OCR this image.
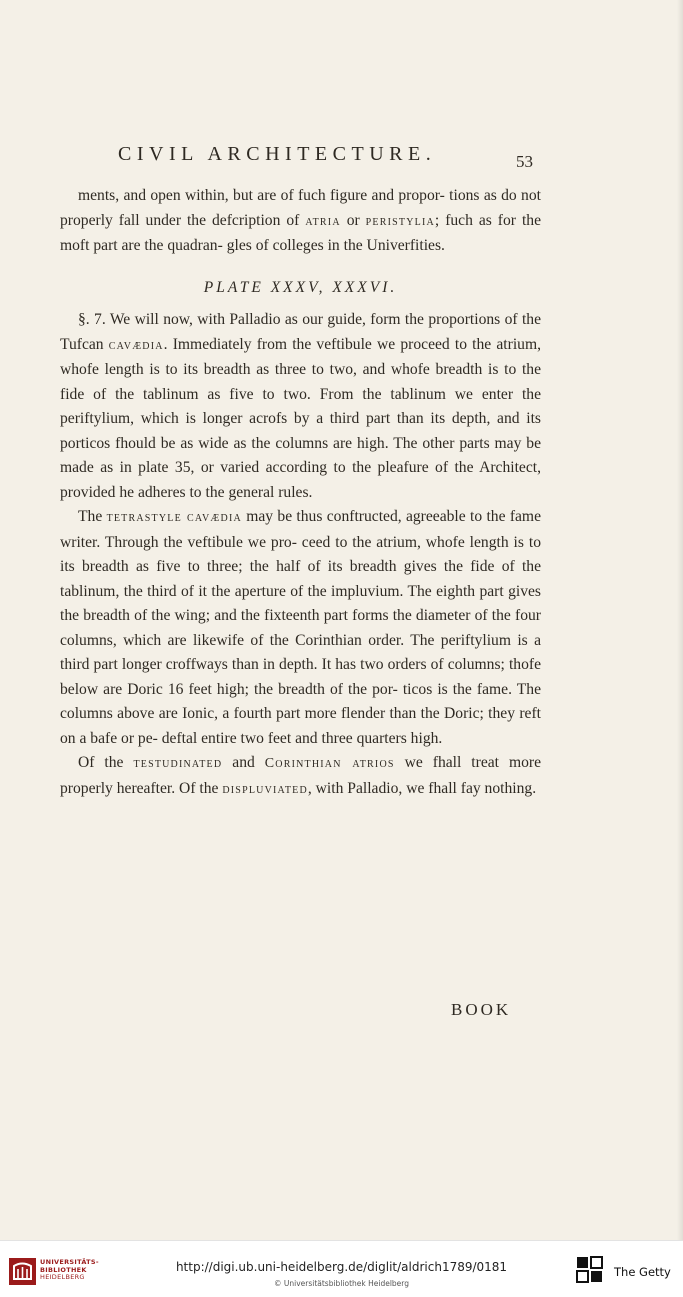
CIVIL ARCHITECTURE.	53

ments, and open within, but are of fuch figure and propor- tions as do not properly fall under the defcription of atria or peristylia; fuch as for the moft part are the quadran- gles of colleges in the Univerfities.

PLATE XXXV, XXXVI.

§. 7. We will now, with Palladio as our guide, form the proportions of the Tufcan cavædia. Immediately from the veftibule we proceed to the atrium, whofe length is to its breadth as three to two, and whofe breadth is to the fide of the tablinum as five to two. From the tablinum we enter the periftylium, which is longer acrofs by a third part than its depth, and its porticos fhould be as wide as the columns are high. The other parts may be made as in plate 35, or varied according to the pleafure of the Architect, provided he adheres to the general rules.

The tetrastyle cavædia may be thus conftructed, agreeable to the fame writer. Through the veftibule we pro- ceed to the atrium, whofe length is to its breadth as five to three; the half of its breadth gives the fide of the tablinum, the third of it the aperture of the impluvium. The eighth part gives the breadth of the wing; and the fixteenth part forms the diameter of the four columns, which are likewife of the Corinthian order. The periftylium is a third part longer croffways than in depth. It has two orders of columns; thofe below are Doric 16 feet high; the breadth of the por- ticos is the fame. The columns above are Ionic, a fourth part more flender than the Doric; they reft on a bafe or pe- deftal entire two feet and three quarters high.

Of the testudinated and Corinthian atrios we fhall treat more properly hereafter. Of the displuviated, with Palladio, we fhall fay nothing.

BOOK
UNIVERSITÄTS-
BIBLIOTHEK
HEIDELBERG
http://digi.ub.uni-heidelberg.de/diglit/aldrich1789/0181
© Universitätsbibliothek Heidelberg
The Getty
